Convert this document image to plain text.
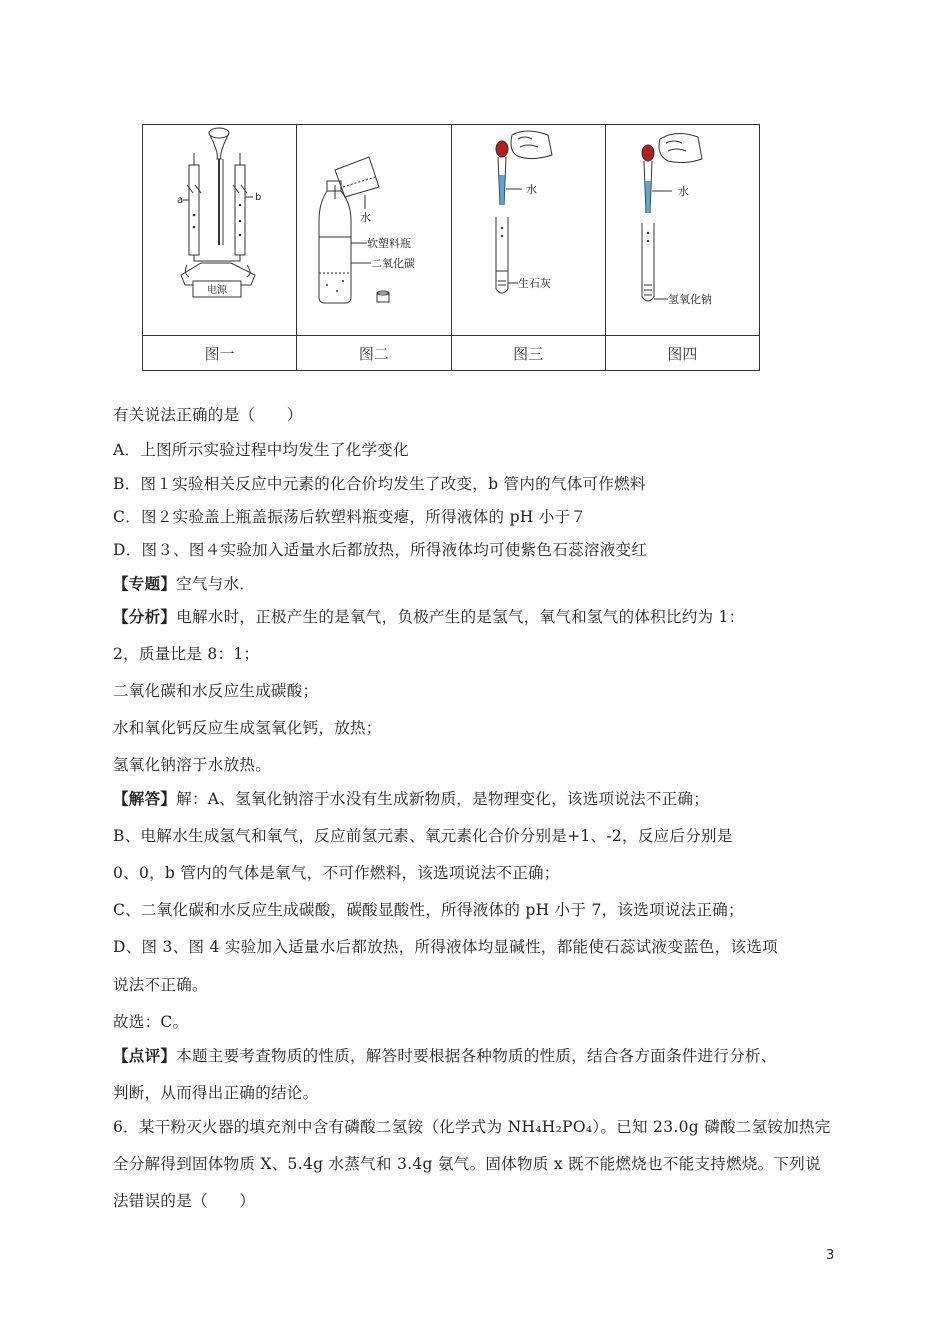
a b
电源	水
软塑料瓶
二氧化碳	水
生石灰	水
氢氧化钠

图一	图二	图三	图四
有关说法正确的是（　　）
A．上图所示实验过程中均发生了化学变化
B．图１实验相关反应中元素的化合价均发生了改变，b 管内的气体可作燃料
C．图２实验盖上瓶盖振荡后软塑料瓶变瘪，所得液体的 pH 小于７
D．图３、图４实验加入适量水后都放热，所得液体均可使紫色石蕊溶液变红
【专题】空气与水．
【分析】电解水时，正极产生的是氧气，负极产生的是氢气，氧气和氢气的体积比约为 1：
2，质量比是 8：1；
二氧化碳和水反应生成碳酸；
水和氧化钙反应生成氢氧化钙，放热；
氢氧化钠溶于水放热。
【解答】解：A、氢氧化钠溶于水没有生成新物质，是物理变化，该选项说法不正确；
B、电解水生成氢气和氧气，反应前氢元素、氧元素化合价分别是+1、-2，反应后分别是
0、0，b 管内的气体是氧气，不可作燃料，该选项说法不正确；
C、二氧化碳和水反应生成碳酸，碳酸显酸性，所得液体的 pH 小于 7，该选项说法正确；
D、图 3、图 4 实验加入适量水后都放热，所得液体均显碱性，都能使石蕊试液变蓝色，该选项
说法不正确。
故选：C。
【点评】本题主要考查物质的性质，解答时要根据各种物质的性质，结合各方面条件进行分析、
判断，从而得出正确的结论。
6．某干粉灭火器的填充剂中含有磷酸二氢铵（化学式为 NH₄H₂PO₄）。已知 23.0g 磷酸二氢铵加热完
全分解得到固体物质 X、5.4g 水蒸气和 3.4g 氨气。固体物质 x 既不能燃烧也不能支持燃烧。下列说
法错误的是（　　）
3
